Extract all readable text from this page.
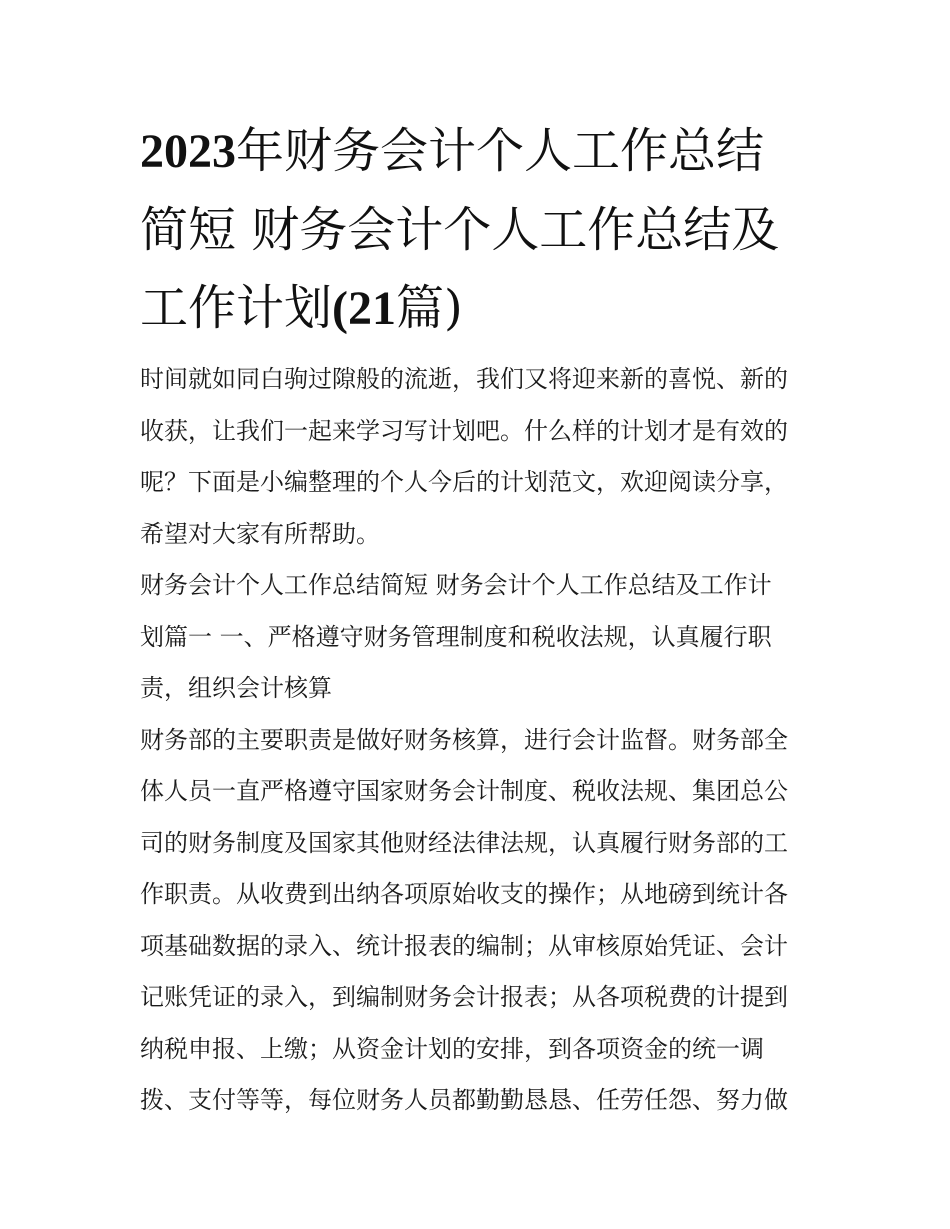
2023年财务会计个人工作总结
简短 财务会计个人工作总结及
工作计划(21篇)
时间就如同白驹过隙般的流逝，我们又将迎来新的喜悦、新的
收获，让我们一起来学习写计划吧。什么样的计划才是有效的
呢？下面是小编整理的个人今后的计划范文，欢迎阅读分享，
希望对大家有所帮助。
财务会计个人工作总结简短 财务会计个人工作总结及工作计
划篇一 一、严格遵守财务管理制度和税收法规，认真履行职
责，组织会计核算
财务部的主要职责是做好财务核算，进行会计监督。财务部全
体人员一直严格遵守国家财务会计制度、税收法规、集团总公
司的财务制度及国家其他财经法律法规，认真履行财务部的工
作职责。从收费到出纳各项原始收支的操作；从地磅到统计各
项基础数据的录入、统计报表的编制；从审核原始凭证、会计
记账凭证的录入，到编制财务会计报表；从各项税费的计提到
纳税申报、上缴；从资金计划的安排，到各项资金的统一调
拨、支付等等，每位财务人员都勤勤恳恳、任劳任怨、努力做
